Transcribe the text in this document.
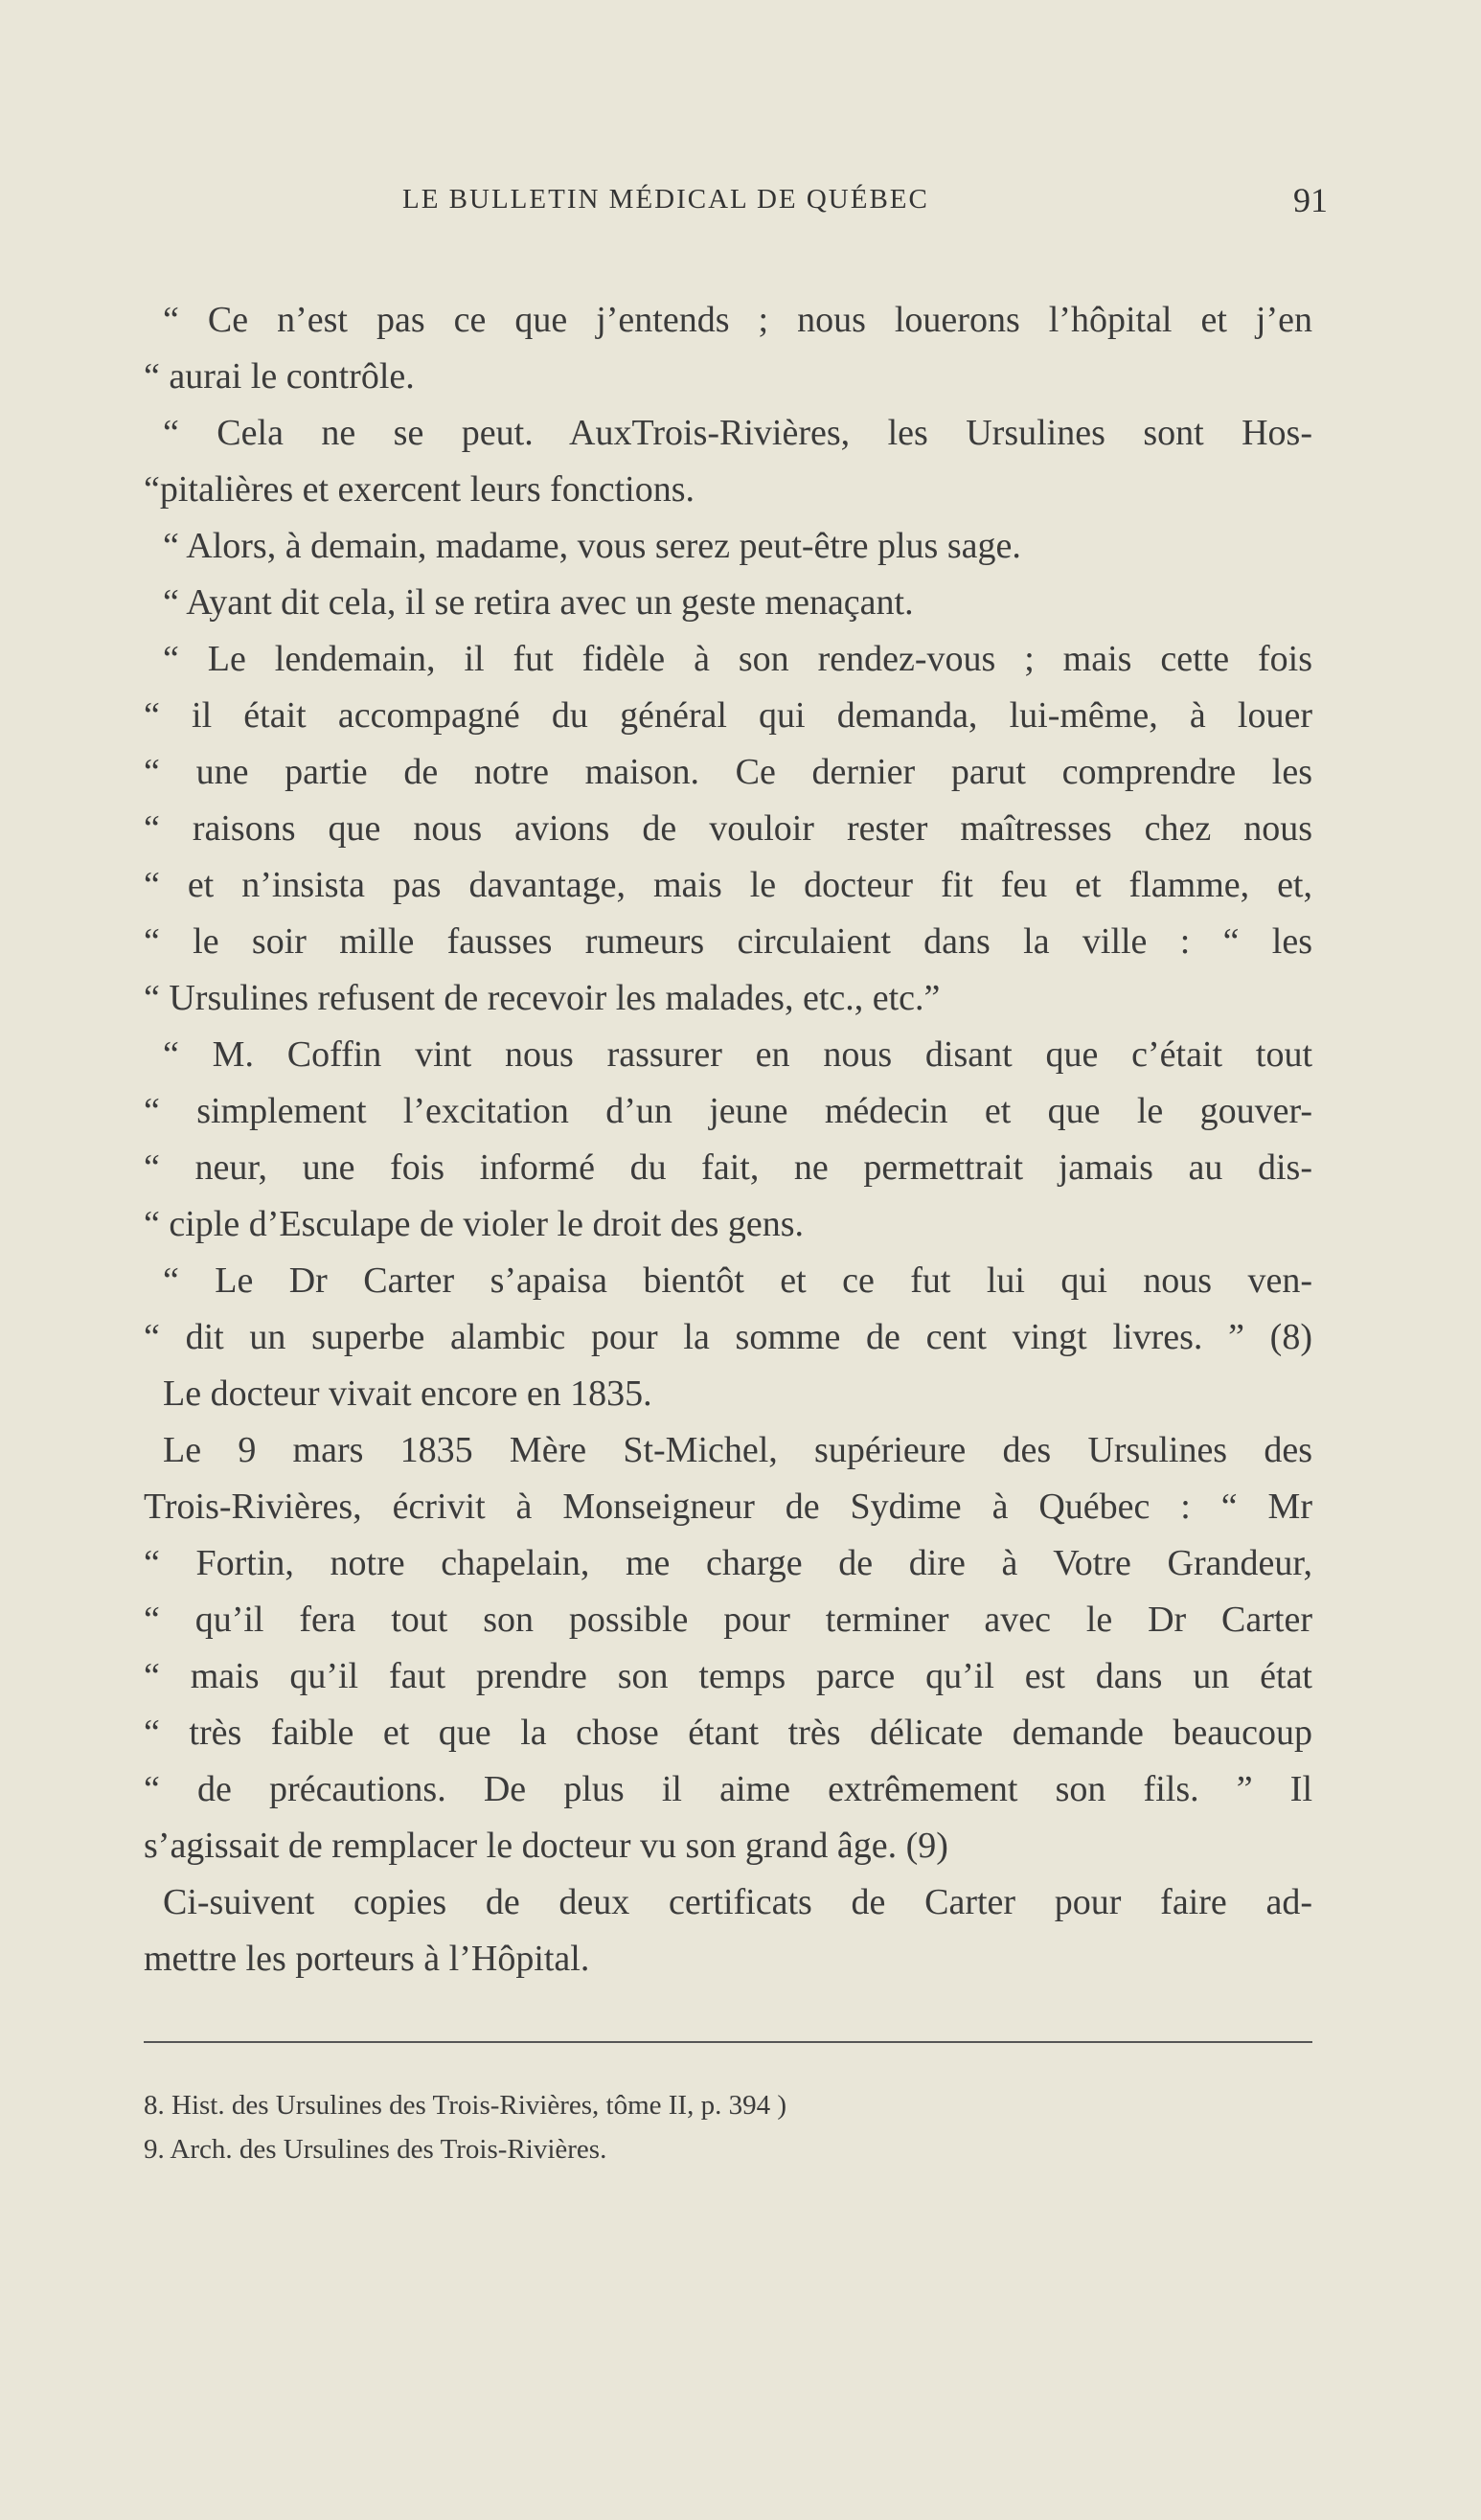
LE BULLETIN MÉDICAL DE QUÉBEC	91
“ Ce n’est pas ce que j’entends ; nous louerons l’hôpital et j’en
“ aurai le contrôle.
“ Cela ne se peut. AuxTrois-Rivières, les Ursulines sont Hos-
“pitalières et exercent leurs fonctions.
“ Alors, à demain, madame, vous serez peut-être plus sage.
“ Ayant dit cela, il se retira avec un geste menaçant.
“ Le lendemain, il fut fidèle à son rendez-vous ; mais cette fois
“ il était accompagné du général qui demanda, lui-même, à louer
“ une partie de notre maison. Ce dernier parut comprendre les
“ raisons que nous avions de vouloir rester maîtresses chez nous
“ et n’insista pas davantage, mais le docteur fit feu et flamme, et,
“ le soir mille fausses rumeurs circulaient dans la ville : “ les
“ Ursulines refusent de recevoir les malades, etc., etc.”
“ M. Coffin vint nous rassurer en nous disant que c’était tout
“ simplement l’excitation d’un jeune médecin et que le gouver-
“ neur, une fois informé du fait, ne permettrait jamais au dis-
“ ciple d’Esculape de violer le droit des gens.
“ Le Dr Carter s’apaisa bientôt et ce fut lui qui nous ven-
“ dit un superbe alambic pour la somme de cent vingt livres. ” (8)
Le docteur vivait encore en 1835.
Le 9 mars 1835 Mère St-Michel, supérieure des Ursulines des
Trois-Rivières, écrivit à Monseigneur de Sydime à Québec : “ Mr
“ Fortin, notre chapelain, me charge de dire à Votre Grandeur,
“ qu’il fera tout son possible pour terminer avec le Dr Carter
“ mais qu’il faut prendre son temps parce qu’il est dans un état
“ très faible et que la chose étant très délicate demande beaucoup
“ de précautions. De plus il aime extrêmement son fils. ” Il
s’agissait de remplacer le docteur vu son grand âge. (9)
Ci-suivent copies de deux certificats de Carter pour faire ad-
mettre les porteurs à l’Hôpital.
8. Hist. des Ursulines des Trois-Rivières, tôme II, p. 394 )
9. Arch. des Ursulines des Trois-Rivières.
